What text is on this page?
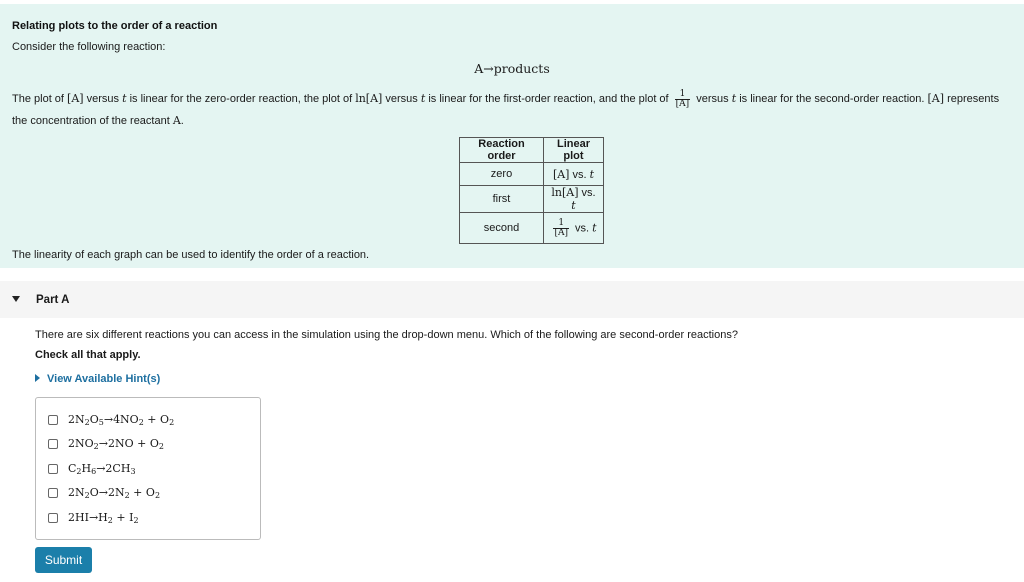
Relating plots to the order of a reaction
Consider the following reaction:
A→products
The plot of [A] versus t is linear for the zero-order reaction, the plot of ln[A] versus t is linear for the first-order reaction, and the plot of $\frac{1}{[A]}$ versus t is linear for the second-order reaction. [A] represents the concentration of the reactant A.
Reaction order	Linear plot
zero	[A] vs. t
first	ln[A] vs. t
second	$\frac{1}{[A]}$ vs. t
The linearity of each graph can be used to identify the order of a reaction.
Part A
There are six different reactions you can access in the simulation using the drop-down menu. Which of the following are second-order reactions?
Check all that apply.
View Available Hint(s)
$2N_2O_5\to 4NO_2 + O_2$
$2NO_2\to 2NO + O_2$
$C_2H_6\to 2CH_3$
$2N_2O\to 2N_2 + O_2$
$2HI\to H_2 + I_2$
Submit
